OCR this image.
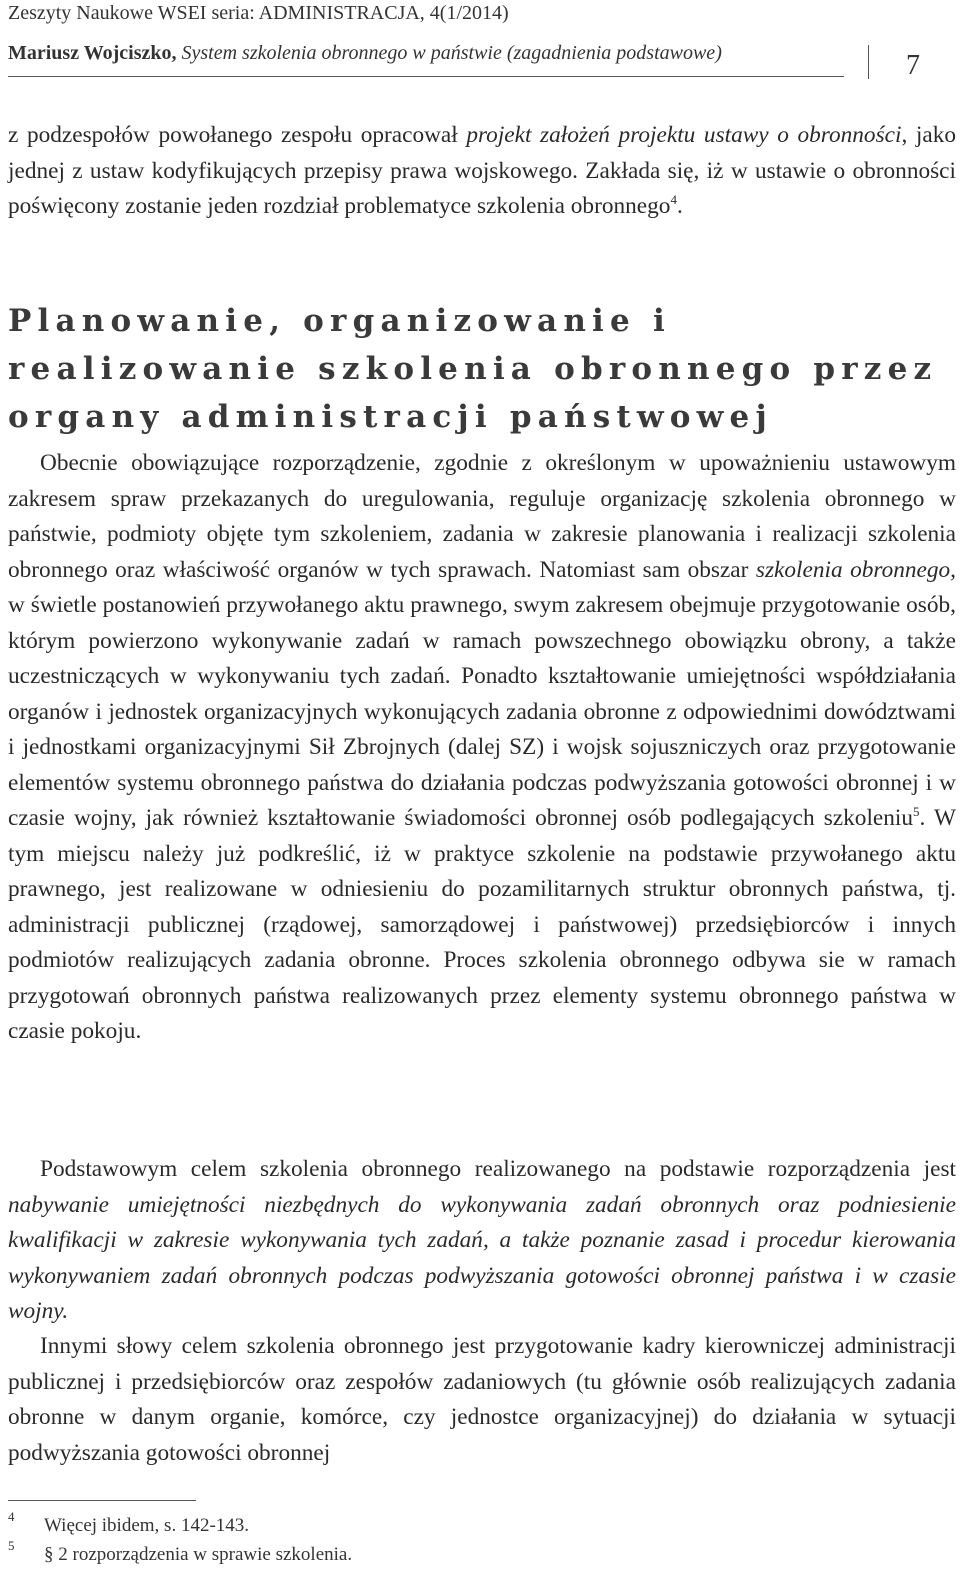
Zeszyty Naukowe WSEI seria: ADMINISTRACJA, 4(1/2014)
Mariusz Wojciszko, System szkolenia obronnego w państwie (zagadnienia podstawowe)	7
z podzespołów powołanego zespołu opracował projekt założeń projektu ustawy o obronności, jako jednej z ustaw kodyfikujących przepisy prawa wojskowego. Zakłada się, iż w ustawie o obronności poświęcony zostanie jeden rozdział problematyce szkolenia obronnego$^4$.
Planowanie, organizowanie i realizowanie szkolenia obronnego przez organy administracji państwowej
Obecnie obowiązujące rozporządzenie, zgodnie z określonym w upoważnieniu ustawowym zakresem spraw przekazanych do uregulowania, reguluje organizację szkolenia obronnego w państwie, podmioty objęte tym szkoleniem, zadania w zakresie planowania i realizacji szkolenia obronnego oraz właściwość organów w tych sprawach. Natomiast sam obszar szkolenia obronnego, w świetle postanowień przywołanego aktu prawnego, swym zakresem obejmuje przygotowanie osób, którym powierzono wykonywanie zadań w ramach powszechnego obowiązku obrony, a także uczestniczących w wykonywaniu tych zadań. Ponadto kształtowanie umiejętności współdziałania organów i jednostek organizacyjnych wykonujących zadania obronne z odpowiednimi dowództwami i jednostkami organizacyjnymi Sił Zbrojnych (dalej SZ) i wojsk sojuszniczych oraz przygotowanie elementów systemu obronnego państwa do działania podczas podwyższania gotowości obronnej i w czasie wojny, jak również kształtowanie świadomości obronnej osób podlegających szkoleniu$^5$. W tym miejscu należy już podkreślić, iż w praktyce szkolenie na podstawie przywołanego aktu prawnego, jest realizowane w odniesieniu do pozamilitarnych struktur obronnych państwa, tj. administracji publicznej (rządowej, samorządowej i państwowej) przedsiębiorców i innych podmiotów realizujących zadania obronne. Proces szkolenia obronnego odbywa sie w ramach przygotowań obronnych państwa realizowanych przez elementy systemu obronnego państwa w czasie pokoju.
Podstawowym celem szkolenia obronnego realizowanego na podstawie rozporządzenia jest nabywanie umiejętności niezbędnych do wykonywania zadań obronnych oraz podniesienie kwalifikacji w zakresie wykonywania tych zadań, a także poznanie zasad i procedur kierowania wykonywaniem zadań obronnych podczas podwyższania gotowości obronnej państwa i w czasie wojny.
Innymi słowy celem szkolenia obronnego jest przygotowanie kadry kierowniczej administracji publicznej i przedsiębiorców oraz zespołów zadaniowych (tu głównie osób realizujących zadania obronne w danym organie, komórce, czy jednostce organizacyjnej) do działania w sytuacji podwyższania gotowości obronnej
4 Więcej ibidem, s. 142-143.
5 § 2 rozporządzenia w sprawie szkolenia.
